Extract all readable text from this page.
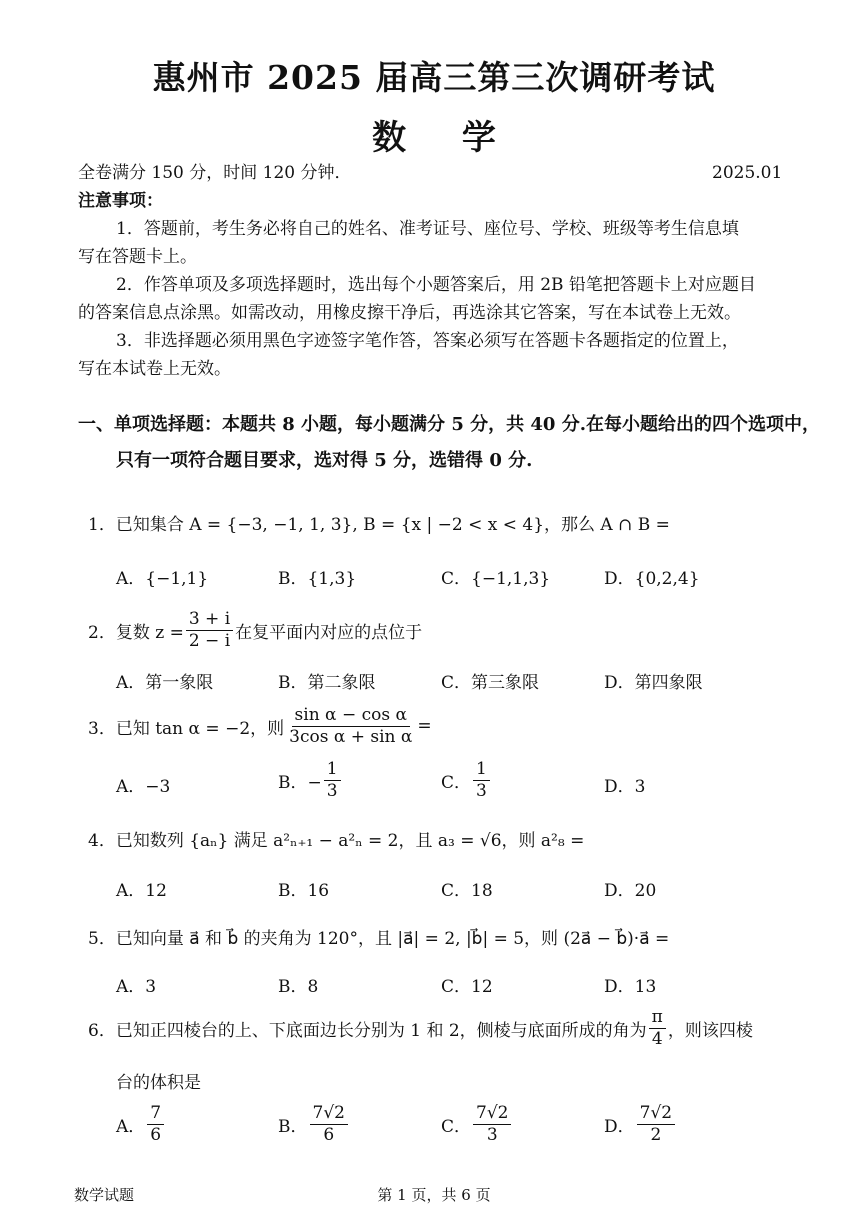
惠州市 2025 届高三第三次调研考试
数 学
全卷满分 150 分，时间 120 分钟．	2025.01
注意事项：
1．答题前，考生务必将自己的姓名、准考证号、座位号、学校、班级等考生信息填
写在答题卡上。
2．作答单项及多项选择题时，选出每个小题答案后，用 2B 铅笔把答题卡上对应题目
的答案信息点涂黑。如需改动，用橡皮擦干净后，再选涂其它答案，写在本试卷上无效。
3．非选择题必须用黑色字迹签字笔作答，答案必须写在答题卡各题指定的位置上，
写在本试卷上无效。
一、单项选择题：本题共 8 小题，每小题满分 5 分，共 40 分.在每小题给出的四个选项中，
只有一项符合题目要求，选对得 5 分，选错得 0 分.
1．已知集合 A = {−3, −1, 1, 3}, B = {x | −2 < x < 4}，那么 A ∩ B =
A．{−1,1}	B．{1,3}	C．{−1,1,3}	D．{0,2,4}
2．复数 $z = \frac{3 + i}{2 - i}$ 在复平面内对应的点位于
A．第一象限	B．第二象限	C．第三象限	D．第四象限
3．已知 tan α = −2，则 $\frac{\text{sin α − cos α}}{\text{3cos α + sin α}}$ =
A．−3	B．− $\frac{1}{3}$	C． $\frac{1}{3}$	D．3
4．已知数列 {aₙ} 满足 a²ₙ₊₁ − a²ₙ = 2，且 a₃ = √6，则 a²₈ =
A．12	B．16	C．18	D．20
5．已知向量 a⃗ 和 b⃗ 的夹角为 120°，且 |a⃗| = 2, |b⃗| = 5，则 (2a⃗ − b⃗)·a⃗ =
A．3	B．8	C．12	D．13
6．已知正四棱台的上、下底面边长分别为 1 和 2，侧棱与底面所成的角为 $\frac{\pi}{4}$ ，则该四棱
台的体积是
A． $\frac{7}{6}$	B． $\frac{7√2}{6}$	C． $\frac{7√2}{3}$	D． $\frac{7√2}{2}$
数学试题	第 1 页，共 6 页
